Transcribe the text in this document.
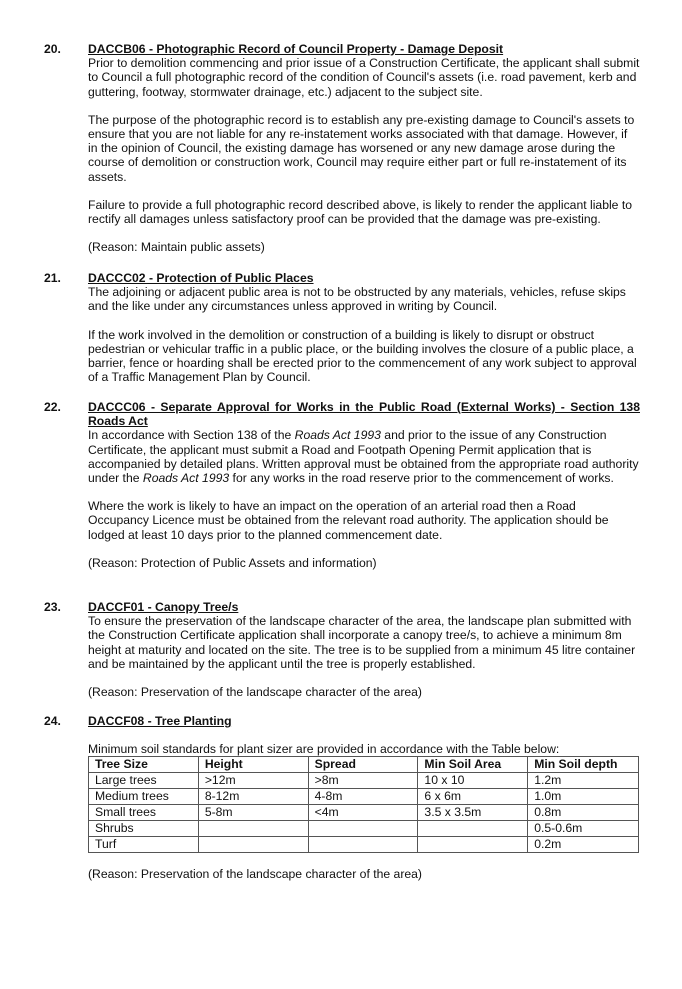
20. DACCB06 - Photographic Record of Council Property - Damage Deposit

Prior to demolition commencing and prior issue of a Construction Certificate, the applicant shall submit to Council a full photographic record of the condition of Council's assets (i.e. road pavement, kerb and guttering, footway, stormwater drainage, etc.) adjacent to the subject site.

The purpose of the photographic record is to establish any pre-existing damage to Council's assets to ensure that you are not liable for any re-instatement works associated with that damage. However, if in the opinion of Council, the existing damage has worsened or any new damage arose during the course of demolition or construction work, Council may require either part or full re-instatement of its assets.

Failure to provide a full photographic record described above, is likely to render the applicant liable to rectify all damages unless satisfactory proof can be provided that the damage was pre-existing.

(Reason: Maintain public assets)

21. DACCC02 - Protection of Public Places

The adjoining or adjacent public area is not to be obstructed by any materials, vehicles, refuse skips and the like under any circumstances unless approved in writing by Council.

If the work involved in the demolition or construction of a building is likely to disrupt or obstruct pedestrian or vehicular traffic in a public place, or the building involves the closure of a public place, a barrier, fence or hoarding shall be erected prior to the commencement of any work subject to approval of a Traffic Management Plan by Council.

22. DACCC06 - Separate Approval for Works in the Public Road (External Works) - Section 138
Roads Act

In accordance with Section 138 of the Roads Act 1993 and prior to the issue of any Construction Certificate, the applicant must submit a Road and Footpath Opening Permit application that is accompanied by detailed plans. Written approval must be obtained from the appropriate road authority under the Roads Act 1993 for any works in the road reserve prior to the commencement of works.

Where the work is likely to have an impact on the operation of an arterial road then a Road Occupancy Licence must be obtained from the relevant road authority. The application should be lodged at least 10 days prior to the planned commencement date.

(Reason: Protection of Public Assets and information)

23. DACCF01 - Canopy Tree/s

To ensure the preservation of the landscape character of the area, the landscape plan submitted with the Construction Certificate application shall incorporate a canopy tree/s, to achieve a minimum 8m height at maturity and located on the site. The tree is to be supplied from a minimum 45 litre container and be maintained by the applicant until the tree is properly established.

(Reason: Preservation of the landscape character of the area)

24. DACCF08 - Tree Planting

Minimum soil standards for plant sizer are provided in accordance with the Table below:

Tree Size	Height	Spread	Min Soil Area	Min Soil depth
Large trees	>12m	>8m	10 x 10	1.2m
Medium trees	8-12m	4-8m	6 x 6m	1.0m
Small trees	5-8m	<4m	3.5 x 3.5m	0.8m
Shrubs				0.5-0.6m
Turf				0.2m

(Reason: Preservation of the landscape character of the area)
